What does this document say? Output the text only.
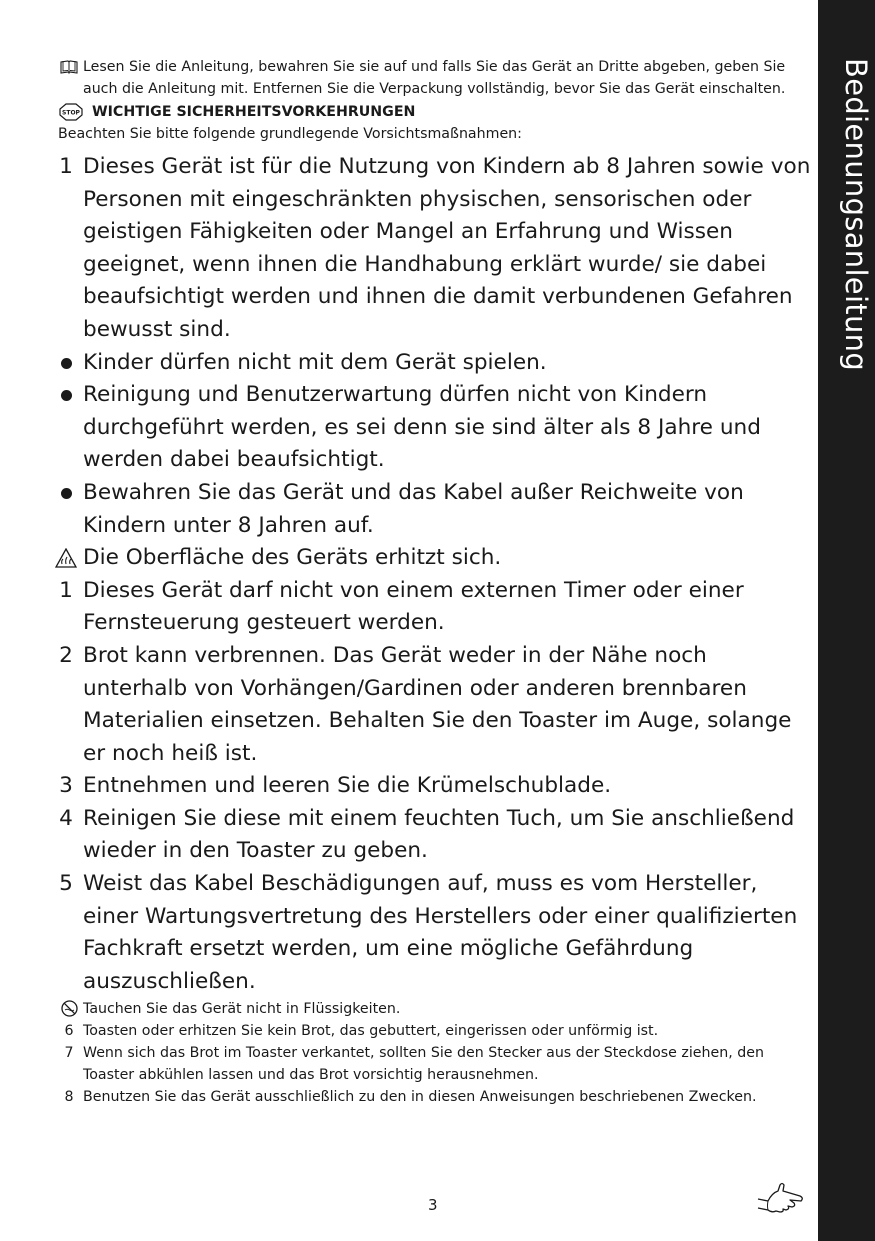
Bedienungsanleitung
Lesen Sie die Anleitung, bewahren Sie sie auf und falls Sie das Gerät an Dritte abgeben, geben Sie auch die Anleitung mit. Entfernen Sie die Verpackung vollständig, bevor Sie das Gerät einschalten.
STOP WICHTIGE SICHERHEITSVORKEHRUNGEN
Beachten Sie bitte folgende grundlegende Vorsichtsmaßnahmen:
1 Dieses Gerät ist für die Nutzung von Kindern ab 8 Jahren sowie von Personen mit eingeschränkten physischen, sensorischen oder geistigen Fähigkeiten oder Mangel an Erfahrung und Wissen geeignet, wenn ihnen die Handhabung erklärt wurde/ sie dabei beaufsichtigt werden und ihnen die damit verbundenen Gefahren bewusst sind.
Kinder dürfen nicht mit dem Gerät spielen.
Reinigung und Benutzerwartung dürfen nicht von Kindern durchgeführt werden, es sei denn sie sind älter als 8 Jahre und werden dabei beaufsichtigt.
Bewahren Sie das Gerät und das Kabel außer Reichweite von Kindern unter 8 Jahren auf.
Die Oberfläche des Geräts erhitzt sich.
1 Dieses Gerät darf nicht von einem externen Timer oder einer Fernsteuerung gesteuert werden.
2 Brot kann verbrennen. Das Gerät weder in der Nähe noch unterhalb von Vorhängen/Gardinen oder anderen brennbaren Materialien einsetzen. Behalten Sie den Toaster im Auge, solange er noch heiß ist.
3 Entnehmen und leeren Sie die Krümelschublade.
4 Reinigen Sie diese mit einem feuchten Tuch, um Sie anschließend wieder in den Toaster zu geben.
5 Weist das Kabel Beschädigungen auf, muss es vom Hersteller, einer Wartungsvertretung des Herstellers oder einer qualifizierten Fachkraft ersetzt werden, um eine mögliche Gefährdung auszuschließen.
Tauchen Sie das Gerät nicht in Flüssigkeiten.
6 Toasten oder erhitzen Sie kein Brot, das gebuttert, eingerissen oder unförmig ist.
7 Wenn sich das Brot im Toaster verkantet, sollten Sie den Stecker aus der Steckdose ziehen, den Toaster abkühlen lassen und das Brot vorsichtig herausnehmen.
8 Benutzen Sie das Gerät ausschließlich zu den in diesen Anweisungen beschriebenen Zwecken.
3
